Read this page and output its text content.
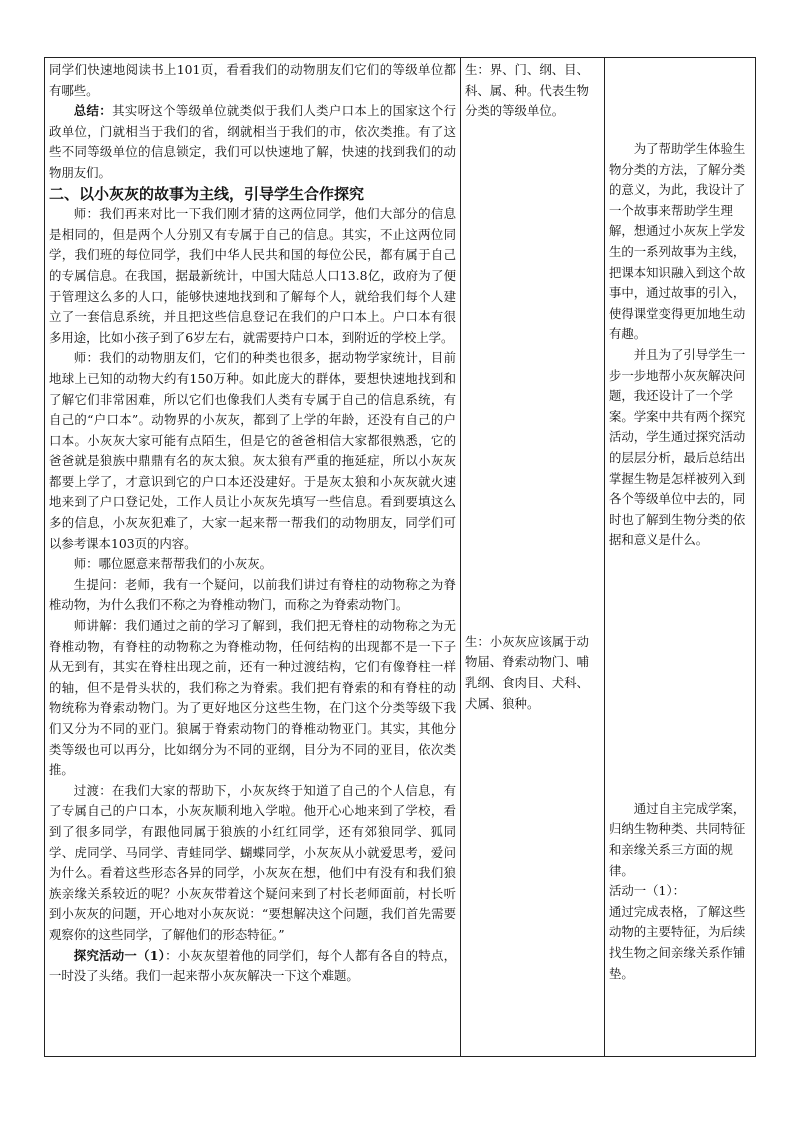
同学们快速地阅读书上101页，看看我们的动物朋友们它们的等级单位都有哪些。

总结：其实呀这个等级单位就类似于我们人类户口本上的国家这个行政单位，门就相当于我们的省，纲就相当于我们的市，依次类推。有了这些不同等级单位的信息锁定，我们可以快速地了解，快速的找到我们的动物朋友们。

二、以小灰灰的故事为主线，引导学生合作探究

师：我们再来对比一下我们刚才猜的这两位同学，他们大部分的信息是相同的，但是两个人分别又有专属于自己的信息。其实，不止这两位同学，我们班的每位同学，我们中华人民共和国的每位公民，都有属于自己的专属信息。在我国，据最新统计，中国大陆总人口13.8亿，政府为了便于管理这么多的人口，能够快速地找到和了解每个人，就给我们每个人建立了一套信息系统，并且把这些信息登记在我们的户口本上。户口本有很多用途，比如小孩子到了6岁左右，就需要持户口本，到附近的学校上学。

师：我们的动物朋友们，它们的种类也很多，据动物学家统计，目前地球上已知的动物大约有150万种。如此庞大的群体，要想快速地找到和了解它们非常困难，所以它们也像我们人类有专属于自己的信息系统，有自己的“户口本”。动物界的小灰灰，都到了上学的年龄，还没有自己的户口本。小灰灰大家可能有点陌生，但是它的爸爸相信大家都很熟悉，它的爸爸就是狼族中鼎鼎有名的灰太狼。灰太狼有严重的拖延症，所以小灰灰都要上学了，才意识到它的户口本还没建好。于是灰太狼和小灰灰就火速地来到了户口登记处，工作人员让小灰灰先填写一些信息。看到要填这么多的信息，小灰灰犯难了，大家一起来帮一帮我们的动物朋友，同学们可以参考课本103页的内容。

师：哪位愿意来帮帮我们的小灰灰。

生提问：老师，我有一个疑问，以前我们讲过有脊柱的动物称之为脊椎动物，为什么我们不称之为脊椎动物门，而称之为脊索动物门。

师讲解：我们通过之前的学习了解到，我们把无脊柱的动物称之为无脊椎动物，有脊柱的动物称之为脊椎动物，任何结构的出现都不是一下子从无到有，其实在脊柱出现之前，还有一种过渡结构，它们有像脊柱一样的轴，但不是骨头状的，我们称之为脊索。我们把有脊索的和有脊柱的动物统称为脊索动物门。为了更好地区分这些生物，在门这个分类等级下我们又分为不同的亚门。狼属于脊索动物门的脊椎动物亚门。其实，其他分类等级也可以再分，比如纲分为不同的亚纲，目分为不同的亚目，依次类推。

过渡：在我们大家的帮助下，小灰灰终于知道了自己的个人信息，有了专属自己的户口本，小灰灰顺利地入学啦。他开心心地来到了学校，看到了很多同学，有跟他同属于狼族的小红红同学，还有郊狼同学、狐同学、虎同学、马同学、青蛙同学、蝴蝶同学，小灰灰从小就爱思考，爱问为什么。看着这些形态各异的同学，小灰灰在想，他们中有没有和我们狼族亲缘关系较近的呢？小灰灰带着这个疑问来到了村长老师面前，村长听到小灰灰的问题，开心地对小灰灰说：“要想解决这个问题，我们首先需要观察你的这些同学，了解他们的形态特征。”

探究活动一（1）：小灰灰望着他的同学们，每个人都有各自的特点，一时没了头绪。我们一起来帮小灰灰解决一下这个难题。

生：界、门、纲、目、科、属、种。代表生物分类的等级单位。

生：小灰灰应该属于动物届、脊索动物门、哺乳纲、食肉目、犬科、犬属、狼种。

为了帮助学生体验生物分类的方法，了解分类的意义，为此，我设计了一个故事来帮助学生理解，想通过小灰灰上学发生的一系列故事为主线，把课本知识融入到这个故事中，通过故事的引入，使得课堂变得更加地生动有趣。

并且为了引导学生一步一步地帮小灰灰解决问题，我还设计了一个学案。学案中共有两个探究活动，学生通过探究活动的层层分析，最后总结出掌握生物是怎样被列入到各个等级单位中去的，同时也了解到生物分类的依据和意义是什么。

通过自主完成学案，归纳生物种类、共同特征和亲缘关系三方面的规律。

活动一（1）：

通过完成表格，了解这些动物的主要特征，为后续找生物之间亲缘关系作铺垫。
